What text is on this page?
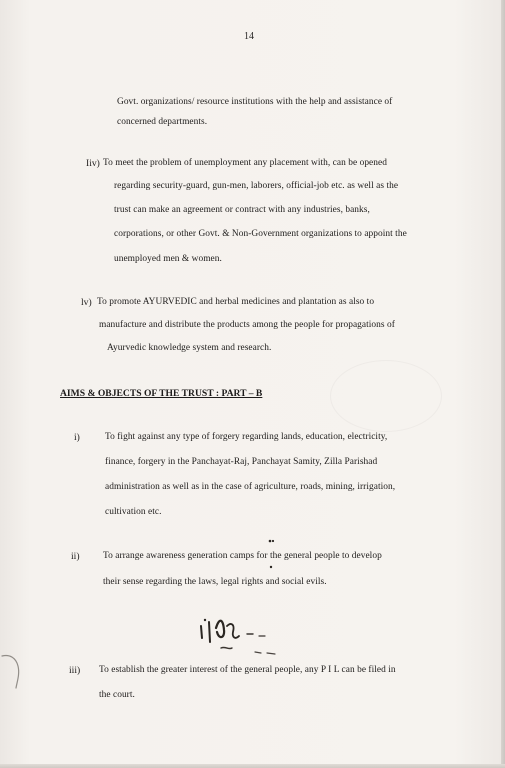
14
Govt. organizations/ resource institutions with the help and assistance of
concerned departments.
Iiv) To meet the problem of unemployment any placement with, can be opened
regarding security-guard, gun-men, laborers, official-job etc. as well as the
trust can make an agreement or contract with any industries, banks,
corporations, or other Govt. & Non-Government organizations to appoint the
unemployed men & women.
lv) To promote AYURVEDIC and herbal medicines and plantation as also to
manufacture and distribute the products among the people for propagations of
Ayurvedic knowledge system and research.
AIMS & OBJECTS OF THE TRUST : PART – B
i)	To fight against any type of forgery regarding lands, education, electricity,
finance, forgery in the Panchayat-Raj, Panchayat Samity, Zilla Parishad
administration as well as in the case of agriculture, roads, mining, irrigation,
cultivation etc.
ii) To arrange awareness generation camps for the general people to develop
their sense regarding the laws, legal rights and social evils.
iii) To establish the greater interest of the general people, any P I L can be filed in
the court.
